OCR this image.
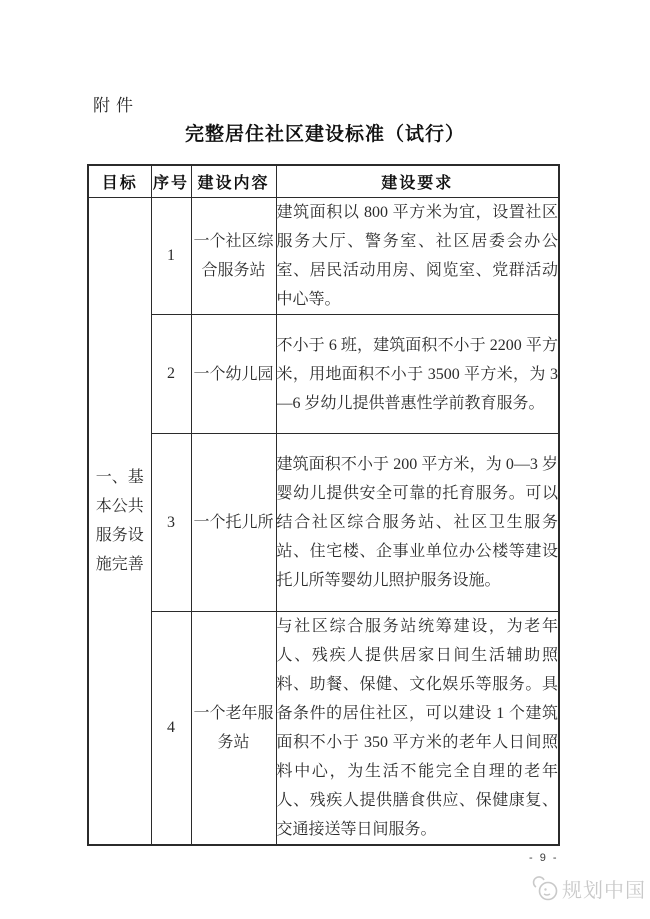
附件
完整居住社区建设标准（试行）
目标	序号	建设内容	建设要求
一、基本公共服务设施完善	1	一个社区综合服务站	建筑面积以 800 平方米为宜，设置社区服务大厅、警务室、社区居委会办公室、居民活动用房、阅览室、党群活动中心等。
	2	一个幼儿园	不小于 6 班，建筑面积不小于 2200 平方米，用地面积不小于 3500 平方米，为 3—6 岁幼儿提供普惠性学前教育服务。
	3	一个托儿所	建筑面积不小于 200 平方米，为 0—3 岁婴幼儿提供安全可靠的托育服务。可以结合社区综合服务站、社区卫生服务站、住宅楼、企事业单位办公楼等建设托儿所等婴幼儿照护服务设施。
	4	一个老年服务站	与社区综合服务站统筹建设，为老年人、残疾人提供居家日间生活辅助照料、助餐、保健、文化娱乐等服务。具备条件的居住社区，可以建设 1 个建筑面积不小于 350 平方米的老年人日间照料中心，为生活不能完全自理的老年人、残疾人提供膳食供应、保健康复、交通接送等日间服务。
- 9 -
规划中国
